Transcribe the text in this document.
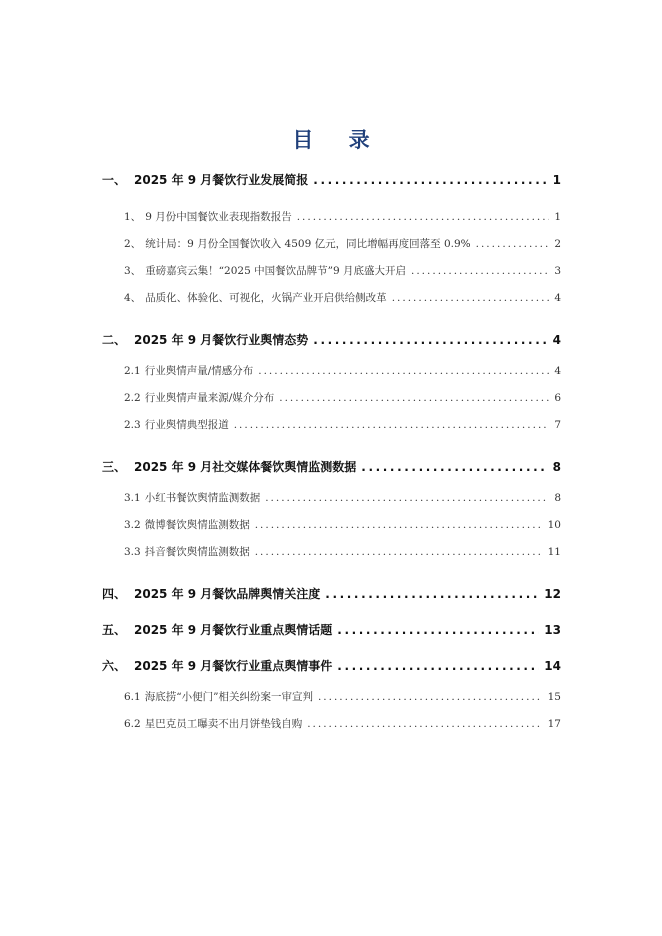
目 录
一、 2025 年 9 月餐饮行业发展简报 .....	1
1、 9 月份中国餐饮业表现指数报告 .....	1
2、 统计局：9 月份全国餐饮收入 4509 亿元，同比增幅再度回落至 0.9% .....	2
3、 重磅嘉宾云集！“2025 中国餐饮品牌节”9 月底盛大开启 .....	3
4、 品质化、体验化、可视化，火锅产业开启供给侧改革 .....	4
二、 2025 年 9 月餐饮行业舆情态势 .....	4
2.1 行业舆情声量/情感分布 .....	4
2.2 行业舆情声量来源/媒介分布 .....	6
2.3 行业舆情典型报道 .....	7
三、 2025 年 9 月社交媒体餐饮舆情监测数据 .....	8
3.1 小红书餐饮舆情监测数据 .....	8
3.2 微博餐饮舆情监测数据 .....	10
3.3 抖音餐饮舆情监测数据 .....	11
四、 2025 年 9 月餐饮品牌舆情关注度 .....	12
五、 2025 年 9 月餐饮行业重点舆情话题 .....	13
六、 2025 年 9 月餐饮行业重点舆情事件 .....	14
6.1 海底捞“小便门”相关纠纷案一审宣判 .....	15
6.2 星巴克员工曝卖不出月饼垫钱自购 .....	17
